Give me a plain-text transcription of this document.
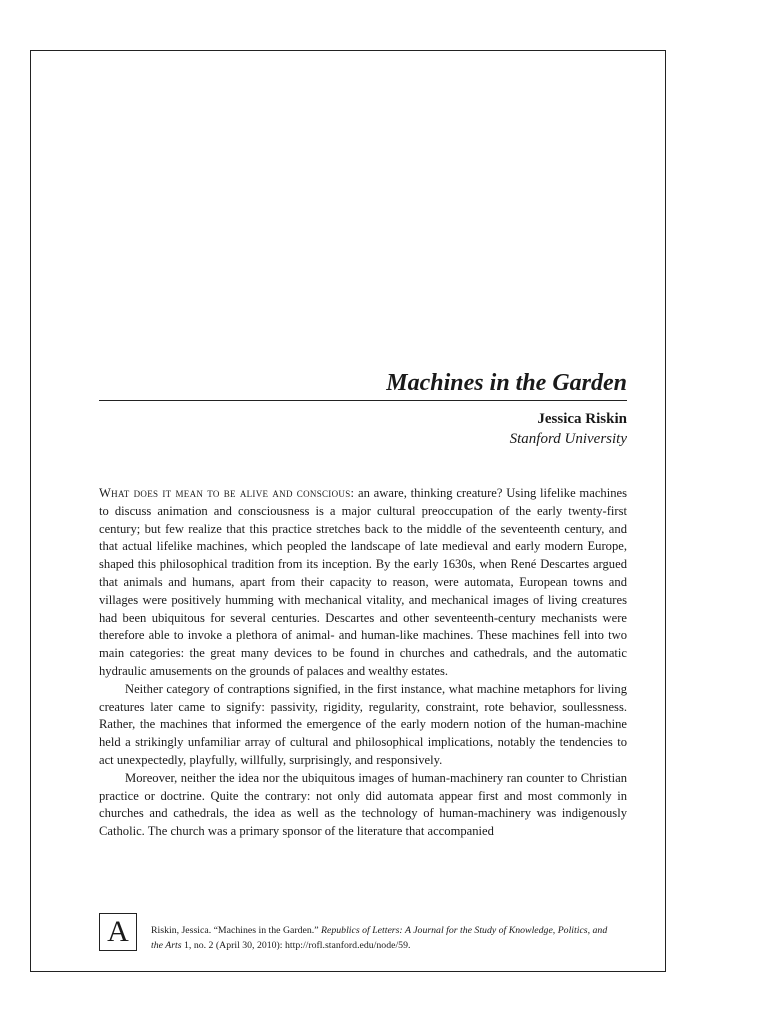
Machines in the Garden
Jessica Riskin
Stanford University

What does it mean to be alive and conscious: an aware, thinking creature? Using lifelike machines to discuss animation and consciousness is a major cultural preoccupation of the early twenty-first century; but few realize that this practice stretches back to the middle of the seventeenth century, and that actual lifelike machines, which peopled the landscape of late medieval and early modern Europe, shaped this philosophical tradition from its inception. By the early 1630s, when René Descartes argued that animals and humans, apart from their capacity to reason, were automata, European towns and villages were positively humming with mechanical vitality, and mechanical images of living creatures had been ubiquitous for several centuries. Descartes and other seventeenth-century mechanists were therefore able to invoke a plethora of animal- and human-like machines. These machines fell into two main categories: the great many devices to be found in churches and cathedrals, and the automatic hydraulic amusements on the grounds of palaces and wealthy estates.

Neither category of contraptions signified, in the first instance, what machine metaphors for living creatures later came to signify: passivity, rigidity, regularity, constraint, rote behavior, soullessness. Rather, the machines that informed the emergence of the early modern notion of the human-machine held a strikingly unfamiliar array of cultural and philosophical implications, notably the tendencies to act unexpectedly, playfully, willfully, surprisingly, and responsively.

Moreover, neither the idea nor the ubiquitous images of human-machinery ran counter to Christian practice or doctrine. Quite the contrary: not only did automata appear first and most commonly in churches and cathedrals, the idea as well as the technology of human-machinery was indigenously Catholic. The church was a primary sponsor of the literature that accompanied

A	Riskin, Jessica. “Machines in the Garden.” Republics of Letters: A Journal for the Study of Knowledge, Politics, and the Arts 1, no. 2 (April 30, 2010): http://rofl.stanford.edu/node/59.
